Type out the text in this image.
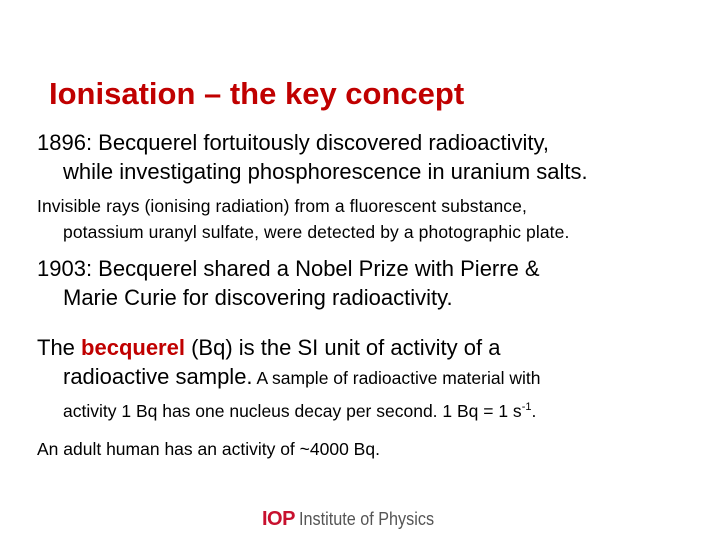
Ionisation – the key concept
1896: Becquerel fortuitously discovered radioactivity,
while investigating phosphorescence in uranium salts.
Invisible rays (ionising radiation) from a fluorescent substance,
potassium uranyl sulfate, were detected by a photographic plate.
1903: Becquerel shared a Nobel Prize with Pierre &
Marie Curie for discovering radioactivity.
The becquerel (Bq) is the SI unit of activity of a
radioactive sample. A sample of radioactive material with
activity 1 Bq has one nucleus decay per second. 1 Bq = 1 $s^{-1}$.
An adult human has an activity of ~4000 Bq.
IOP Institute of Physics
